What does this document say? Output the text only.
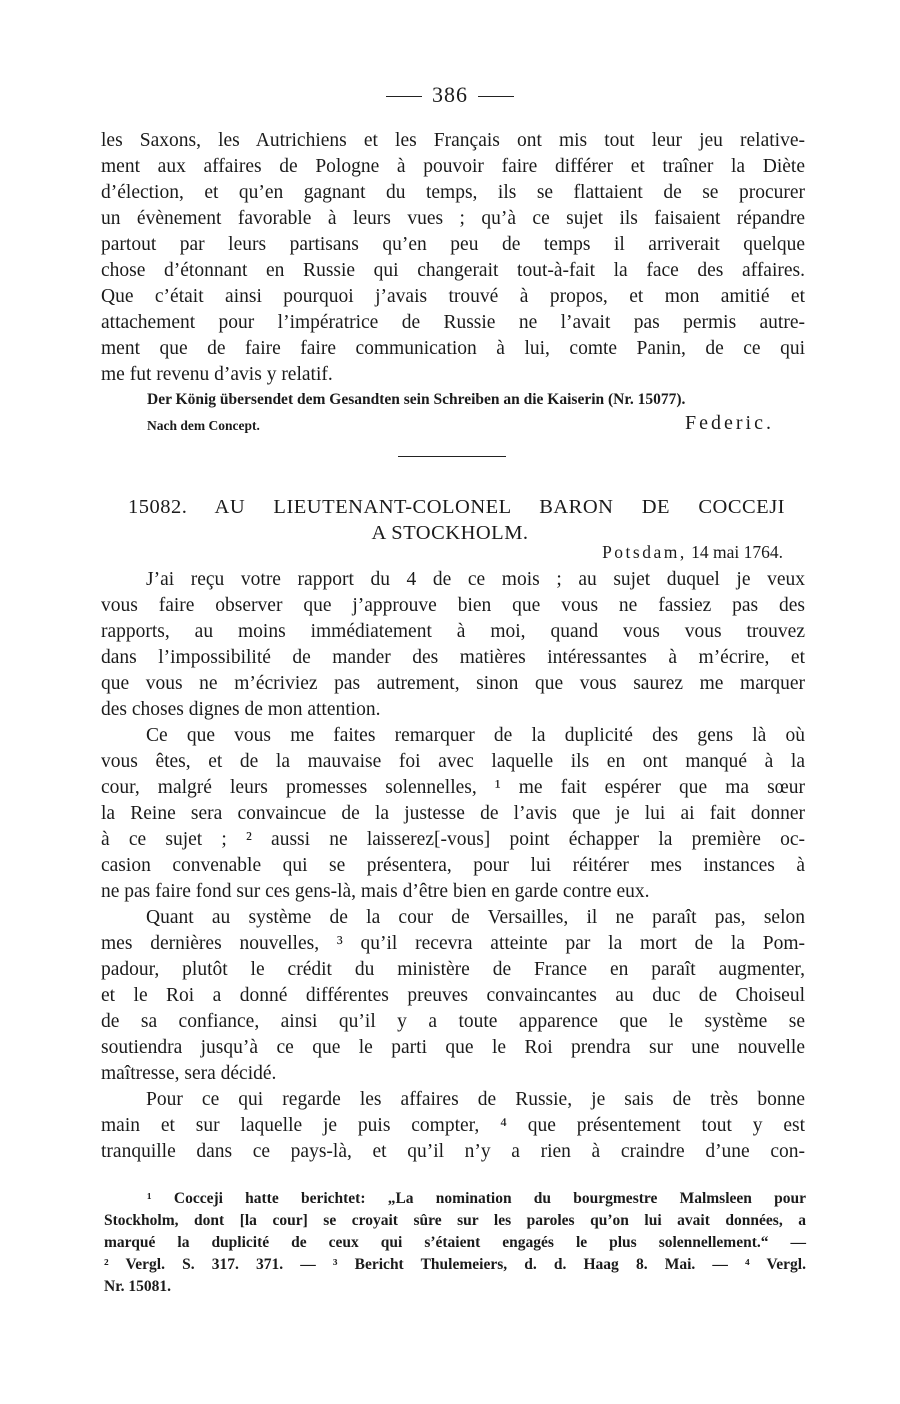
386
les Saxons, les Autrichiens et les Français ont mis tout leur jeu relative-
ment aux affaires de Pologne à pouvoir faire différer et traîner la Diète
d’élection, et qu’en gagnant du temps, ils se flattaient de se procurer
un évènement favorable à leurs vues ; qu’à ce sujet ils faisaient répandre
partout par leurs partisans qu’en peu de temps il arriverait quelque
chose d’étonnant en Russie qui changerait tout-à-fait la face des affaires.
Que c’était ainsi pourquoi j’avais trouvé à propos, et mon amitié et
attachement pour l’impératrice de Russie ne l’avait pas permis autre-
ment que de faire faire communication à lui, comte Panin, de ce qui
me fut revenu d’avis y relatif.
Der König übersendet dem Gesandten sein Schreiben an die Kaiserin (Nr. 15077).
Nach dem Concept.	Federic.
15082. AU LIEUTENANT-COLONEL BARON DE COCCEJI
A STOCKHOLM.
Potsdam, 14 mai 1764.
J’ai reçu votre rapport du 4 de ce mois ; au sujet duquel je veux
vous faire observer que j’approuve bien que vous ne fassiez pas des
rapports, au moins immédiatement à moi, quand vous vous trouvez
dans l’impossibilité de mander des matières intéressantes à m’écrire, et
que vous ne m’écriviez pas autrement, sinon que vous saurez me marquer
des choses dignes de mon attention.
Ce que vous me faites remarquer de la duplicité des gens là où
vous êtes, et de la mauvaise foi avec laquelle ils en ont manqué à la
cour, malgré leurs promesses solennelles, ¹ me fait espérer que ma sœur
la Reine sera convaincue de la justesse de l’avis que je lui ai fait donner
à ce sujet ; ² aussi ne laisserez[-vous] point échapper la première oc-
casion convenable qui se présentera, pour lui réitérer mes instances à
ne pas faire fond sur ces gens-là, mais d’être bien en garde contre eux.
Quant au système de la cour de Versailles, il ne paraît pas, selon
mes dernières nouvelles, ³ qu’il recevra atteinte par la mort de la Pom-
padour, plutôt le crédit du ministère de France en paraît augmenter,
et le Roi a donné différentes preuves convaincantes au duc de Choiseul
de sa confiance, ainsi qu’il y a toute apparence que le système se
soutiendra jusqu’à ce que le parti que le Roi prendra sur une nouvelle
maîtresse, sera décidé.
Pour ce qui regarde les affaires de Russie, je sais de très bonne
main et sur laquelle je puis compter, ⁴ que présentement tout y est
tranquille dans ce pays-là, et qu’il n’y a rien à craindre d’une con-
¹ Cocceji hatte berichtet: „La nomination du bourgmestre Malmsleen pour
Stockholm, dont [la cour] se croyait sûre sur les paroles qu’on lui avait données, a
marqué la duplicité de ceux qui s’étaient engagés le plus solennellement.“ —
² Vergl. S. 317. 371. — ³ Bericht Thulemeiers, d. d. Haag 8. Mai. — ⁴ Vergl.
Nr. 15081.
